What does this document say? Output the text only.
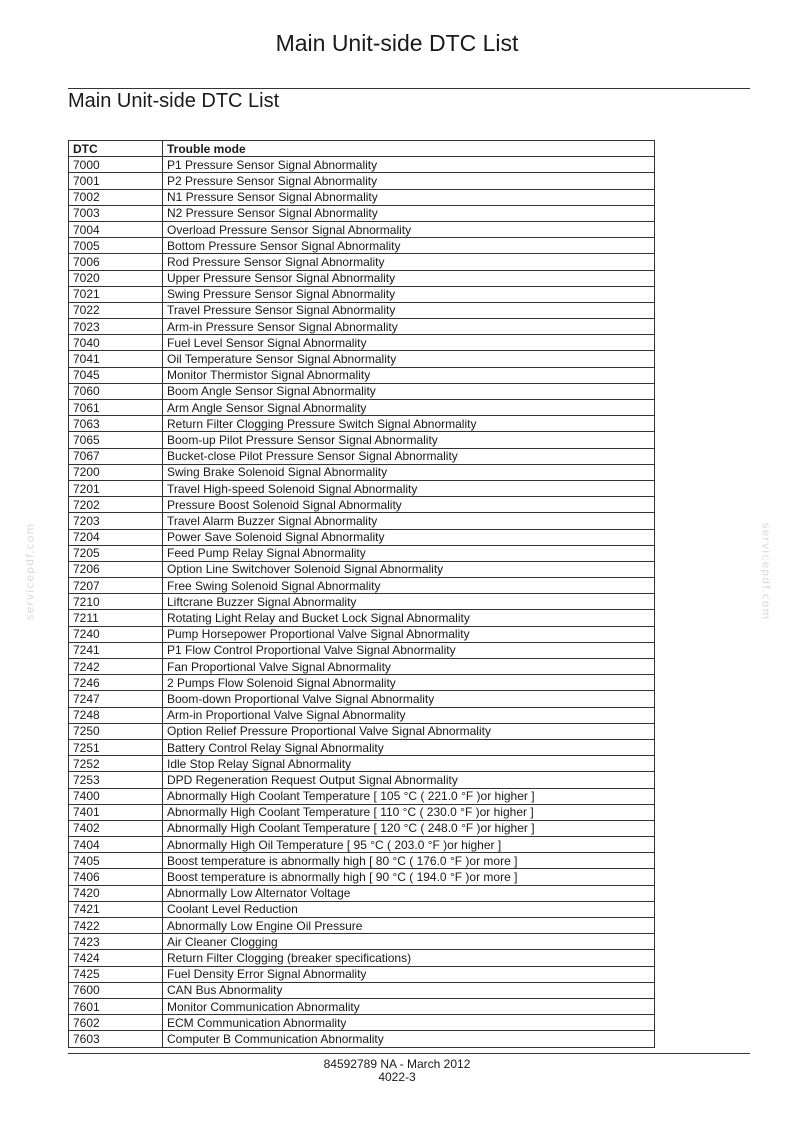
Main Unit-side DTC List
Main Unit-side DTC List
DTC	Trouble mode
7000	P1 Pressure Sensor Signal Abnormality
7001	P2 Pressure Sensor Signal Abnormality
7002	N1 Pressure Sensor Signal Abnormality
7003	N2 Pressure Sensor Signal Abnormality
7004	Overload Pressure Sensor Signal Abnormality
7005	Bottom Pressure Sensor Signal Abnormality
7006	Rod Pressure Sensor Signal Abnormality
7020	Upper Pressure Sensor Signal Abnormality
7021	Swing Pressure Sensor Signal Abnormality
7022	Travel Pressure Sensor Signal Abnormality
7023	Arm-in Pressure Sensor Signal Abnormality
7040	Fuel Level Sensor Signal Abnormality
7041	Oil Temperature Sensor Signal Abnormality
7045	Monitor Thermistor Signal Abnormality
7060	Boom Angle Sensor Signal Abnormality
7061	Arm Angle Sensor Signal Abnormality
7063	Return Filter Clogging Pressure Switch Signal Abnormality
7065	Boom-up Pilot Pressure Sensor Signal Abnormality
7067	Bucket-close Pilot Pressure Sensor Signal Abnormality
7200	Swing Brake Solenoid Signal Abnormality
7201	Travel High-speed Solenoid Signal Abnormality
7202	Pressure Boost Solenoid Signal Abnormality
7203	Travel Alarm Buzzer Signal Abnormality
7204	Power Save Solenoid Signal Abnormality
7205	Feed Pump Relay Signal Abnormality
7206	Option Line Switchover Solenoid Signal Abnormality
7207	Free Swing Solenoid Signal Abnormality
7210	Liftcrane Buzzer Signal Abnormality
7211	Rotating Light Relay and Bucket Lock Signal Abnormality
7240	Pump Horsepower Proportional Valve Signal Abnormality
7241	P1 Flow Control Proportional Valve Signal Abnormality
7242	Fan Proportional Valve Signal Abnormality
7246	2 Pumps Flow Solenoid Signal Abnormality
7247	Boom-down Proportional Valve Signal Abnormality
7248	Arm-in Proportional Valve Signal Abnormality
7250	Option Relief Pressure Proportional Valve Signal Abnormality
7251	Battery Control Relay Signal Abnormality
7252	Idle Stop Relay Signal Abnormality
7253	DPD Regeneration Request Output Signal Abnormality
7400	Abnormally High Coolant Temperature [ 105 °C ( 221.0 °F )or higher ]
7401	Abnormally High Coolant Temperature [ 110 °C ( 230.0 °F )or higher ]
7402	Abnormally High Coolant Temperature [ 120 °C ( 248.0 °F )or higher ]
7404	Abnormally High Oil Temperature [ 95 °C ( 203.0 °F )or higher ]
7405	Boost temperature is abnormally high [ 80 °C ( 176.0 °F )or more ]
7406	Boost temperature is abnormally high [ 90 °C ( 194.0 °F )or more ]
7420	Abnormally Low Alternator Voltage
7421	Coolant Level Reduction
7422	Abnormally Low Engine Oil Pressure
7423	Air Cleaner Clogging
7424	Return Filter Clogging (breaker specifications)
7425	Fuel Density Error Signal Abnormality
7600	CAN Bus Abnormality
7601	Monitor Communication Abnormality
7602	ECM Communication Abnormality
7603	Computer B Communication Abnormality
84592789 NA - March 2012
4022-3
servicepdf.com	servicepdf.com
